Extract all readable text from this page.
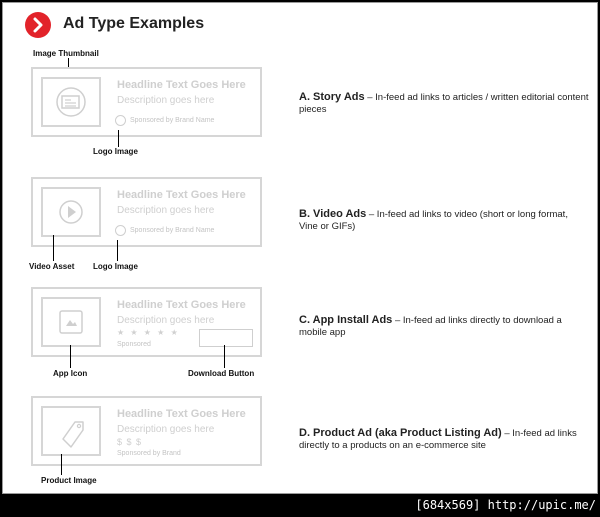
Ad Type Examples
Image Thumbnail
Headline Text Goes Here
Description goes here
Sponsored by Brand Name
Logo Image
A. Story Ads – In-feed ad links to articles / written editorial content pieces
Headline Text Goes Here
Description goes here
Sponsored by Brand Name
Video Asset Logo Image
B. Video Ads – In-feed ad links to video (short or long format, Vine or GIFs)
Headline Text Goes Here
Description goes here
★ ★ ★ ★ ★
Sponsored
App Icon	Download Button
C. App Install Ads – In-feed ad links directly to download a mobile app
Headline Text Goes Here
Description goes here
$ $ $
Sponsored by Brand
Product Image
D. Product Ad (aka Product Listing Ad) – In-feed ad links directly to a products on an e-commerce site
[684x569] http://upic.me/
